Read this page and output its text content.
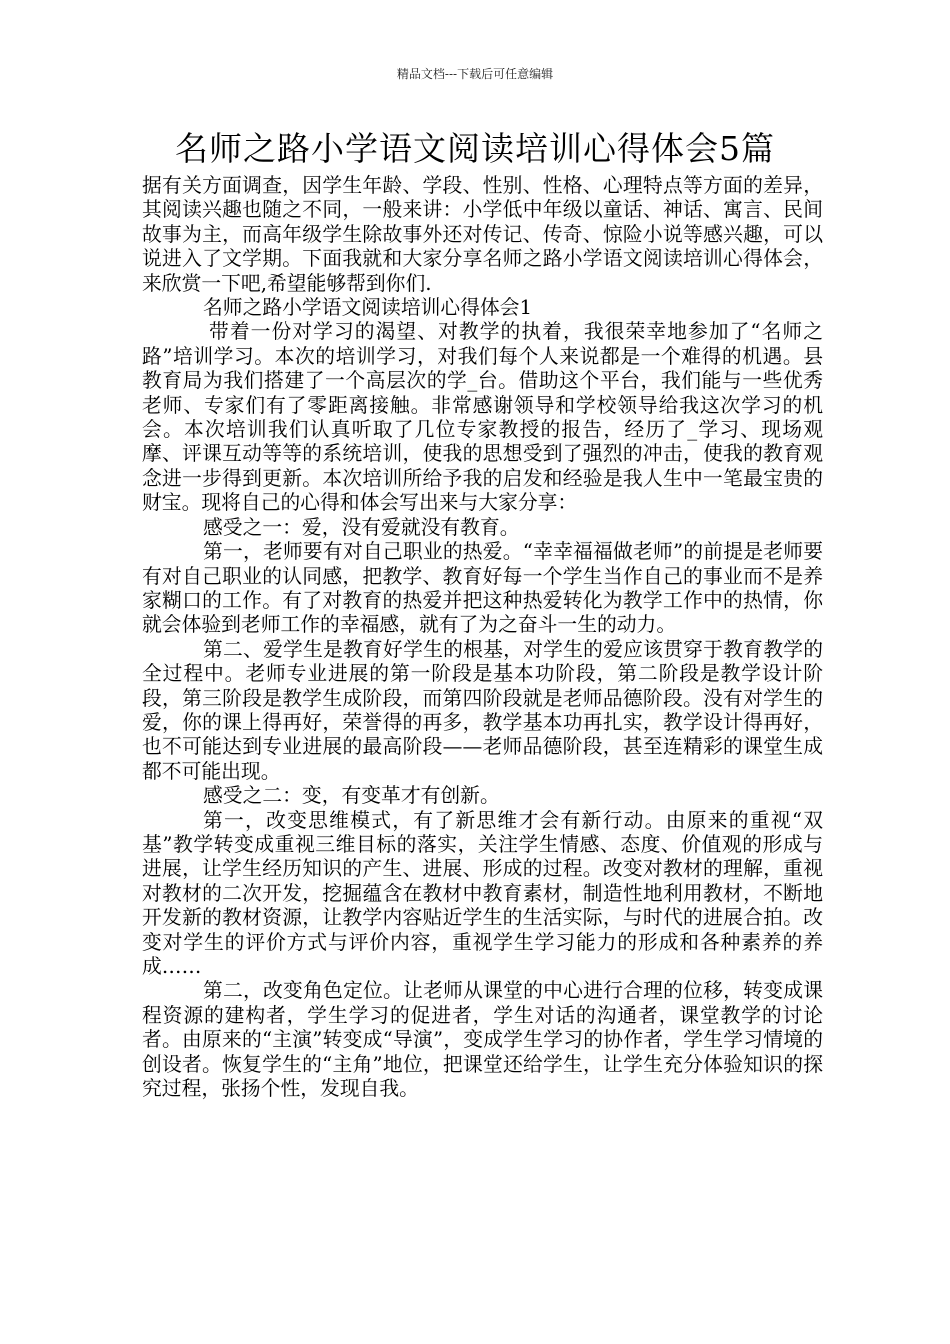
精品文档---下载后可任意编辑
名师之路小学语文阅读培训心得体会5篇

据有关方面调查，因学生年龄、学段、性别、性格、心理特点等方面的差异，其阅读兴趣也随之不同，一般来讲：小学低中年级以童话、神话、寓言、民间故事为主，而高年级学生除故事外还对传记、传奇、惊险小说等感兴趣，可以说进入了文学期。下面我就和大家分享名师之路小学语文阅读培训心得体会，来欣赏一下吧,希望能够帮到你们.

名师之路小学语文阅读培训心得体会1

带着一份对学习的渴望、对教学的执着，我很荣幸地参加了“名师之路”培训学习。本次的培训学习，对我们每个人来说都是一个难得的机遇。县教育局为我们搭建了一个高层次的学_台。借助这个平台，我们能与一些优秀老师、专家们有了零距离接触。非常感谢领导和学校领导给我这次学习的机会。本次培训我们认真听取了几位专家教授的报告，经历了_学习、现场观摩、评课互动等等的系统培训，使我的思想受到了强烈的冲击，使我的教育观念进一步得到更新。本次培训所给予我的启发和经验是我人生中一笔最宝贵的财宝。现将自己的心得和体会写出来与大家分享：

感受之一：爱，没有爱就没有教育。

第一，老师要有对自己职业的热爱。“幸幸福福做老师”的前提是老师要有对自己职业的认同感，把教学、教育好每一个学生当作自己的事业而不是养家糊口的工作。有了对教育的热爱并把这种热爱转化为教学工作中的热情，你就会体验到老师工作的幸福感，就有了为之奋斗一生的动力。

第二、爱学生是教育好学生的根基，对学生的爱应该贯穿于教育教学的全过程中。老师专业进展的第一阶段是基本功阶段，第二阶段是教学设计阶段，第三阶段是教学生成阶段，而第四阶段就是老师品德阶段。没有对学生的爱，你的课上得再好，荣誉得的再多，教学基本功再扎实，教学设计得再好，也不可能达到专业进展的最高阶段——老师品德阶段，甚至连精彩的课堂生成都不可能出现。

感受之二：变，有变革才有创新。

第一，改变思维模式，有了新思维才会有新行动。由原来的重视“双基”教学转变成重视三维目标的落实，关注学生情感、态度、价值观的形成与进展，让学生经历知识的产生、进展、形成的过程。改变对教材的理解，重视对教材的二次开发，挖掘蕴含在教材中教育素材，制造性地利用教材，不断地开发新的教材资源，让教学内容贴近学生的生活实际，与时代的进展合拍。改变对学生的评价方式与评价内容，重视学生学习能力的形成和各种素养的养成……

第二，改变角色定位。让老师从课堂的中心进行合理的位移，转变成课程资源的建构者，学生学习的促进者，学生对话的沟通者，课堂教学的讨论者。由原来的“主演”转变成“导演”，变成学生学习的协作者，学生学习情境的创设者。恢复学生的“主角”地位，把课堂还给学生，让学生充分体验知识的探究过程，张扬个性，发现自我。
